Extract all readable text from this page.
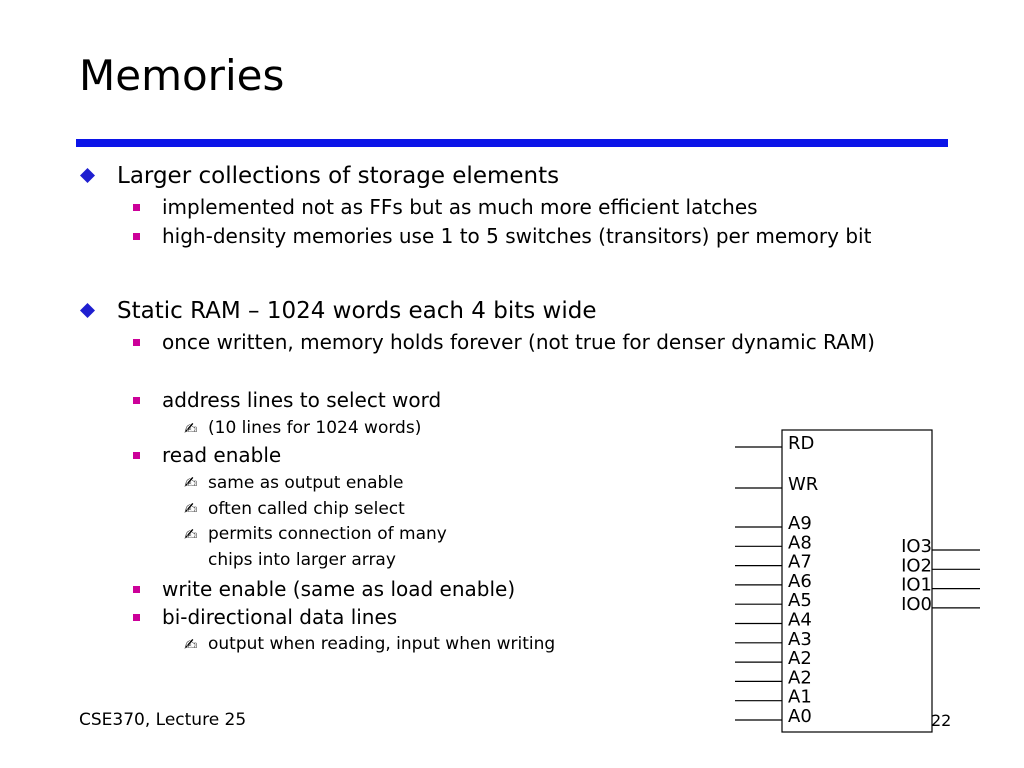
Memories
Larger collections of storage elements
implemented not as FFs but as much more efficient latches
high-density memories use 1 to 5 switches (transitors) per memory bit
Static RAM – 1024 words each 4 bits wide
once written, memory holds forever (not true for denser dynamic RAM)
address lines to select word
✍ (10 lines for 1024 words)
read enable
✍ same as output enable
✍ often called chip select
✍ permits connection of many
chips into larger array
write enable (same as load enable)
bi-directional data lines
✍ output when reading, input when writing
RD
WR
A9
A8
A7
A6
A5
A4
A3
A2
A2
A1
A0
IO3
IO2
IO1
IO0
CSE370, Lecture 25	22
